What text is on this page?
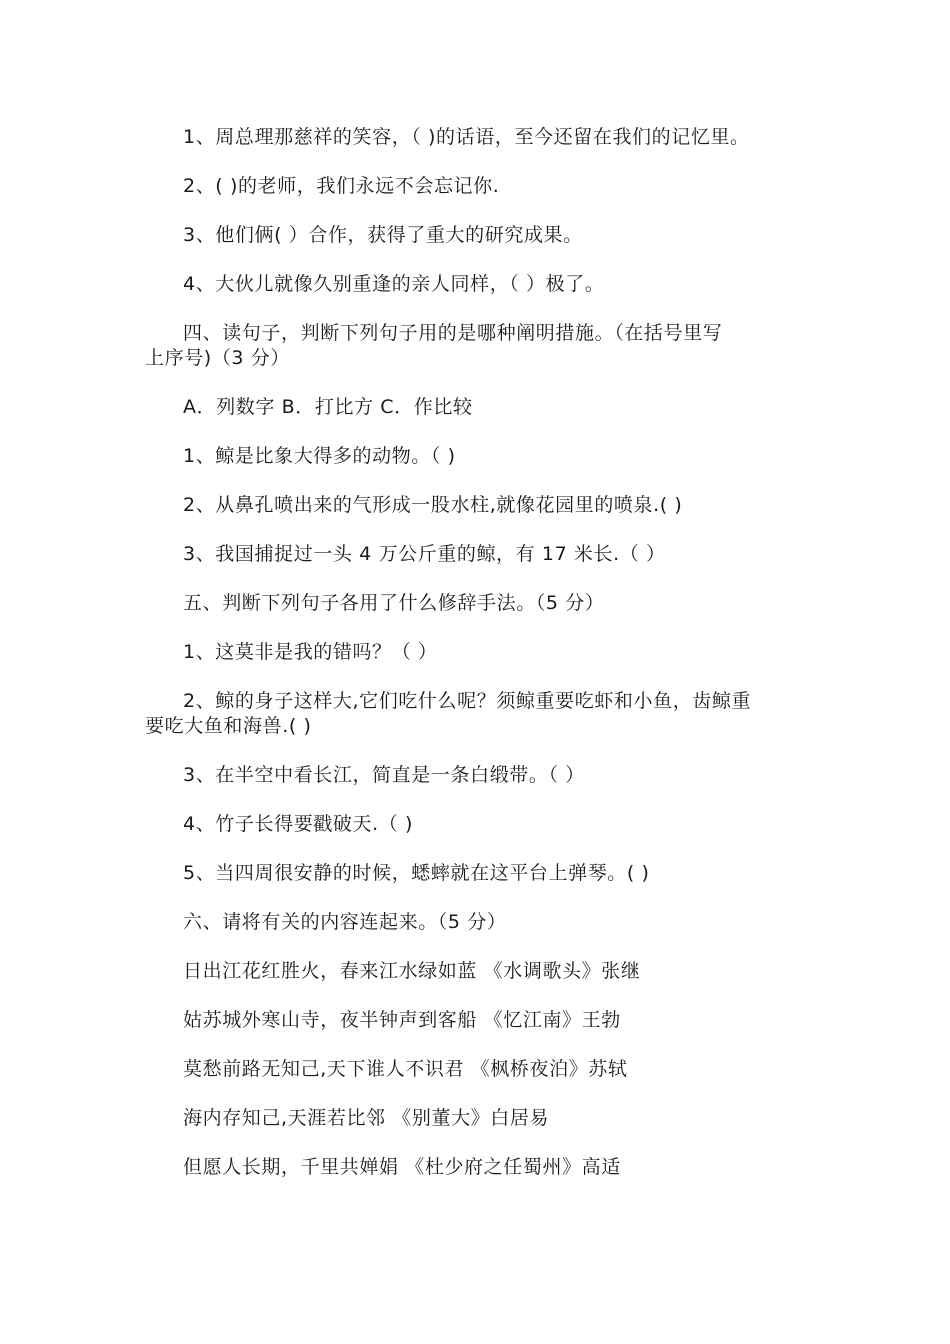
1、周总理那慈祥的笑容，（ )的话语，至今还留在我们的记忆里。
2、( )的老师，我们永远不会忘记你.
3、他们俩( ）合作，获得了重大的研究成果。
4、大伙儿就像久别重逢的亲人同样，（ ）极了。
四、读句子，判断下列句子用的是哪种阐明措施。（在括号里写
上序号)（3 分）
A．列数字 B．打比方 C．作比较
1、鲸是比象大得多的动物。（ )
2、从鼻孔喷出来的气形成一股水柱,就像花园里的喷泉.( )
3、我国捕捉过一头 4 万公斤重的鲸，有 17 米长.（ ）
五、判断下列句子各用了什么修辞手法。（5 分）
1、这莫非是我的错吗？（ ）
2、鲸的身子这样大,它们吃什么呢？须鲸重要吃虾和小鱼，齿鲸重
要吃大鱼和海兽.( )
3、在半空中看长江，简直是一条白缎带。（ ）
4、竹子长得要戳破天.（ )
5、当四周很安静的时候，蟋蟀就在这平台上弹琴。( )
六、请将有关的内容连起来。（5 分）
日出江花红胜火，春来江水绿如蓝 《水调歌头》张继
姑苏城外寒山寺，夜半钟声到客船 《忆江南》王勃
莫愁前路无知己,天下谁人不识君 《枫桥夜泊》苏轼
海内存知己,天涯若比邻 《别董大》白居易
但愿人长期，千里共婵娟 《杜少府之任蜀州》高适
